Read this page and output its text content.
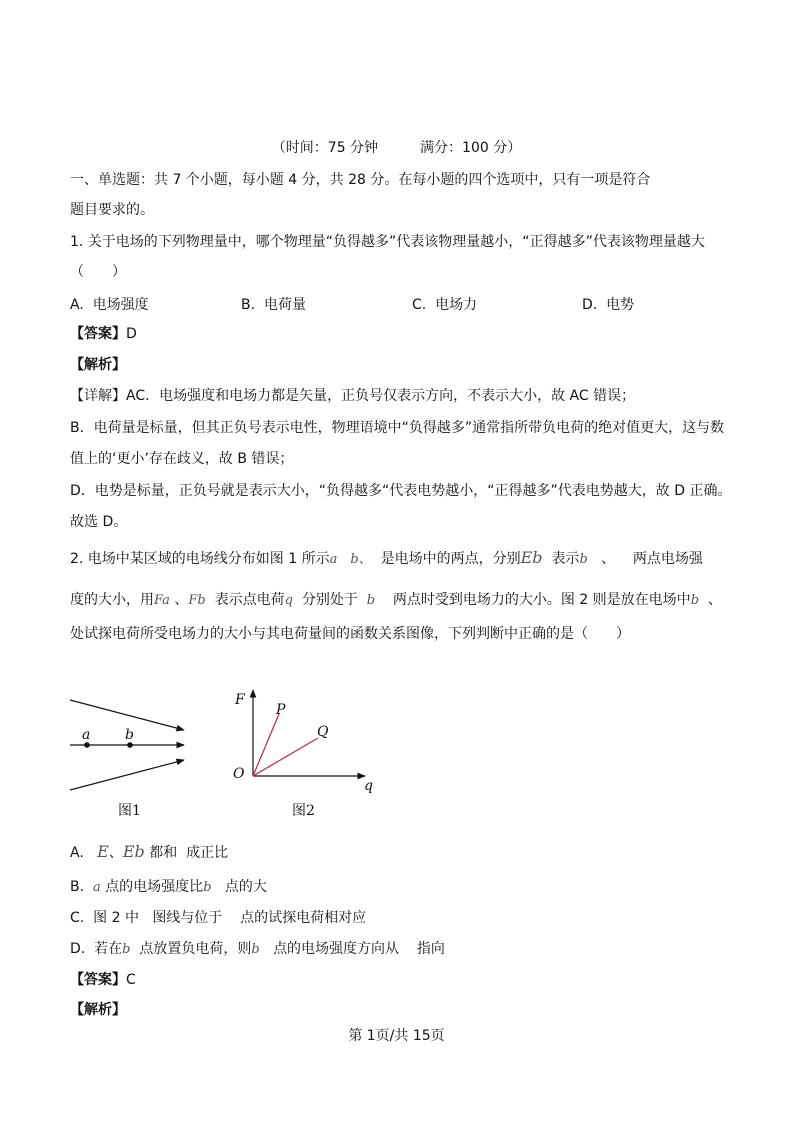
（时间：75 分钟　　　满分：100 分）
一、单选题：共 7 个小题，每小题 4 分，共 28 分。在每小题的四个选项中，只有一项是符合
题目要求的。
1. 关于电场的下列物理量中，哪个物理量“负得越多”代表该物理量越小，“正得越多”代表该物理量越大
（　　）
A. 电场强度	B. 电荷量	C. 电场力	D. 电势
【答案】D
【解析】
【详解】AC．电场强度和电场力都是矢量，正负号仅表示方向，不表示大小，故 AC 错误；
B．电荷量是标量，但其正负号表示电性，物理语境中“负得越多”通常指所带负电荷的绝对值更大，这与数
值上的‘更小’存在歧义，故 B 错误；
D．电势是标量，正负号就是表示大小，“负得越多“代表电势越小，“正得越多”代表电势越大，故 D 正确。
故选 D。
2. 电场中某区域的电场线分布如图 1 所示a　b、 是电场中的两点，分别Eb 表示b   、    两点电场强
度的大小，用Fa 、Fb 表示点电荷q 分别处于 b 两点时受到电场力的大小。图 2 则是放在电场中b  、
处试探电荷所受电场力的大小与其电荷量间的函数关系图像，下列判断中正确的是（　　）
a b
图1
F
q
O
P
Q
图2
A. E、Eb 都和 成正比
B. a 点的电场强度比b 点的大
C. 图 2 中 图线与位于 点的试探电荷相对应
D. 若在b 点放置负电荷，则b 点的电场强度方向从 指向
【答案】C
【解析】
第 1页/共 15页
